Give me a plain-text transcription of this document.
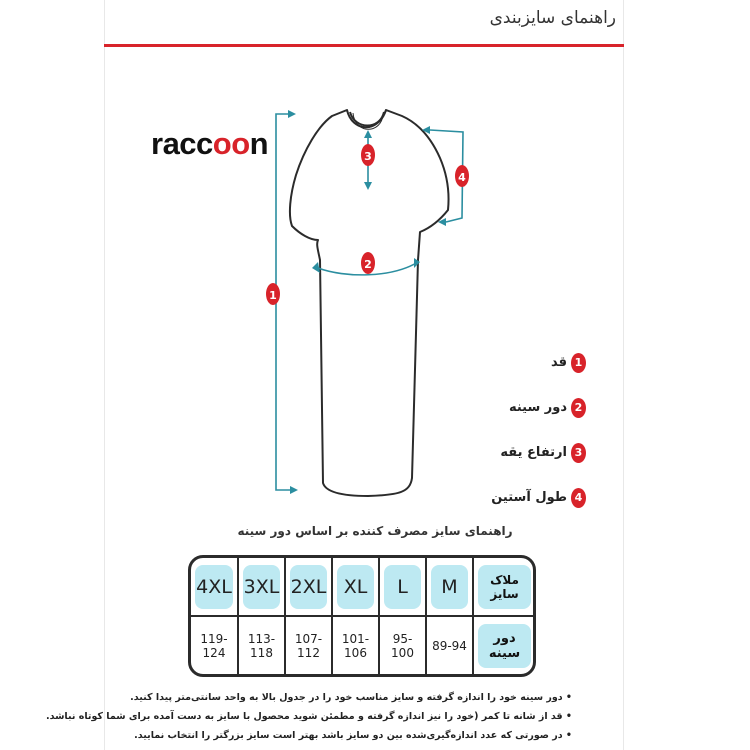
راهنمای سایزبندی
raccoon
1
2
3
4
قد 1
دور سینه 2
ارتفاع یقه 3
طول آستین 4
راهنمای سایز مصرف کننده بر اساس دور سینه
4XL	3XL	2XL	XL	L	M	ملاک سایز

119-124	113-118	107-112	101-106	95-100	89-94	دور سینه
• دور سینه خود را اندازه گرفته و سایز مناسب خود را در جدول بالا به واحد سانتی‌متر پیدا کنید.
• قد از شانه تا کمر (خود را نیز اندازه گرفته و مطمئن شوید محصول با سایز به دست آمده برای شما کوتاه نباشد.
• در صورتی که عدد اندازه‌گیری‌شده بین دو سایز باشد بهتر است سایز بزرگتر را انتخاب نمایید.
